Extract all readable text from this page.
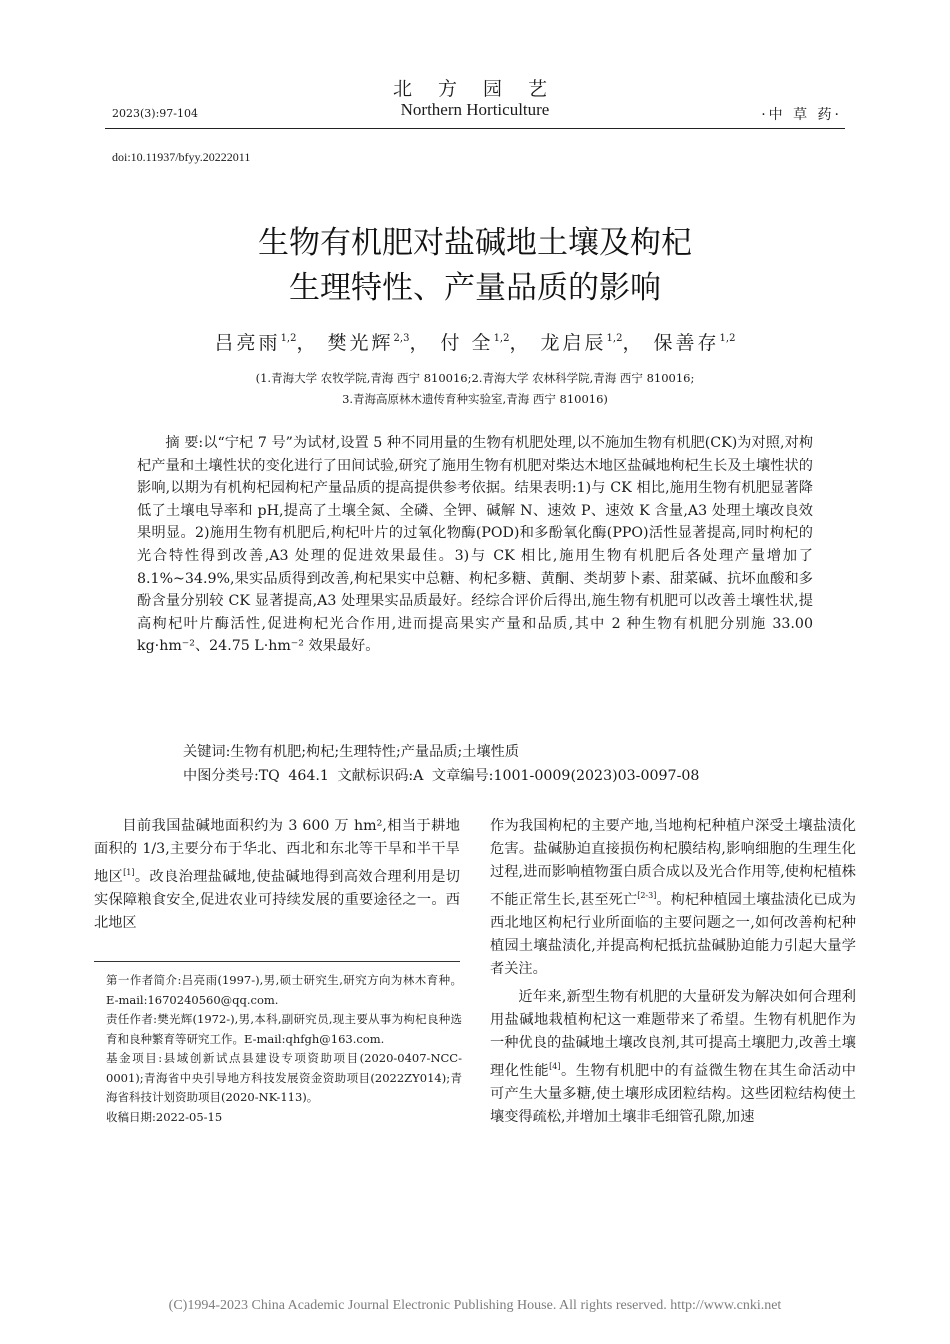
北 方 园 艺
Northern Horticulture
2023(3):97-104	·中 草 药·
doi:10.11937/bfyy.20222011
生物有机肥对盐碱地土壤及枸杞
生理特性、产量品质的影响
吕亮雨$^{1,2}$， 樊光辉$^{2,3}$， 付 全$^{1,2}$， 龙启辰$^{1,2}$， 保善存$^{1,2}$
(1.青海大学 农牧学院,青海 西宁 810016;2.青海大学 农林科学院,青海 西宁 810016;
3.青海高原林木遗传育种实验室,青海 西宁 810016)
摘 要:以“宁杞 7 号”为试材,设置 5 种不同用量的生物有机肥处理,以不施加生物有机肥(CK)为对照,对枸杞产量和土壤性状的变化进行了田间试验,研究了施用生物有机肥对柴达木地区盐碱地枸杞生长及土壤性状的影响,以期为有机枸杞园枸杞产量品质的提高提供参考依据。结果表明:1)与 CK 相比,施用生物有机肥显著降低了土壤电导率和 pH,提高了土壤全氮、全磷、全钾、碱解 N、速效 P、速效 K 含量,A3 处理土壤改良效果明显。2)施用生物有机肥后,枸杞叶片的过氧化物酶(POD)和多酚氧化酶(PPO)活性显著提高,同时枸杞的光合特性得到改善,A3 处理的促进效果最佳。3)与 CK 相比,施用生物有机肥后各处理产量增加了 8.1%~34.9%,果实品质得到改善,枸杞果实中总糖、枸杞多糖、黄酮、类胡萝卜素、甜菜碱、抗坏血酸和多酚含量分别较 CK 显著提高,A3 处理果实品质最好。经综合评价后得出,施生物有机肥可以改善土壤性状,提高枸杞叶片酶活性,促进枸杞光合作用,进而提高果实产量和品质,其中 2 种生物有机肥分别施 33.00 kg·hm⁻²、24.75 L·hm⁻² 效果最好。
关键词:生物有机肥;枸杞;生理特性;产量品质;土壤性质
中图分类号:TQ 464.1 文献标识码:A 文章编号:1001-0009(2023)03-0097-08

目前我国盐碱地面积约为 3 600 万 hm²,相当于耕地面积的 1/3,主要分布于华北、西北和东北等干旱和半干旱地区[1]。改良治理盐碱地,使盐碱地得到高效合理利用是切实保障粮食安全,促进农业可持续发展的重要途径之一。西北地区

第一作者简介:吕亮雨(1997-),男,硕士研究生,研究方向为林木育种。E-mail:1670240560@qq.com.

责任作者:樊光辉(1972-),男,本科,副研究员,现主要从事为枸杞良种选育和良种繁育等研究工作。E-mail:qhfgh@163.com.

基金项目:县域创新试点县建设专项资助项目(2020-0407-NCC-0001);青海省中央引导地方科技发展资金资助项目(2022ZY014);青海省科技计划资助项目(2020-NK-113)。

收稿日期:2022-05-15

作为我国枸杞的主要产地,当地枸杞种植户深受土壤盐渍化危害。盐碱胁迫直接损伤枸杞膜结构,影响细胞的生理生化过程,进而影响植物蛋白质合成以及光合作用等,使枸杞植株不能正常生长,甚至死亡[2-3]。枸杞种植园土壤盐渍化已成为西北地区枸杞行业所面临的主要问题之一,如何改善枸杞种植园土壤盐渍化,并提高枸杞抵抗盐碱胁迫能力引起大量学者关注。

近年来,新型生物有机肥的大量研发为解决如何合理利用盐碱地栽植枸杞这一难题带来了希望。生物有机肥作为一种优良的盐碱地土壤改良剂,其可提高土壤肥力,改善土壤理化性能[4]。生物有机肥中的有益微生物在其生命活动中可产生大量多糖,使土壤形成团粒结构。这些团粒结构使土壤变得疏松,并增加土壤非毛细管孔隙,加速

(C)1994-2023 China Academic Journal Electronic Publishing House. All rights reserved. http://www.cnki.net
